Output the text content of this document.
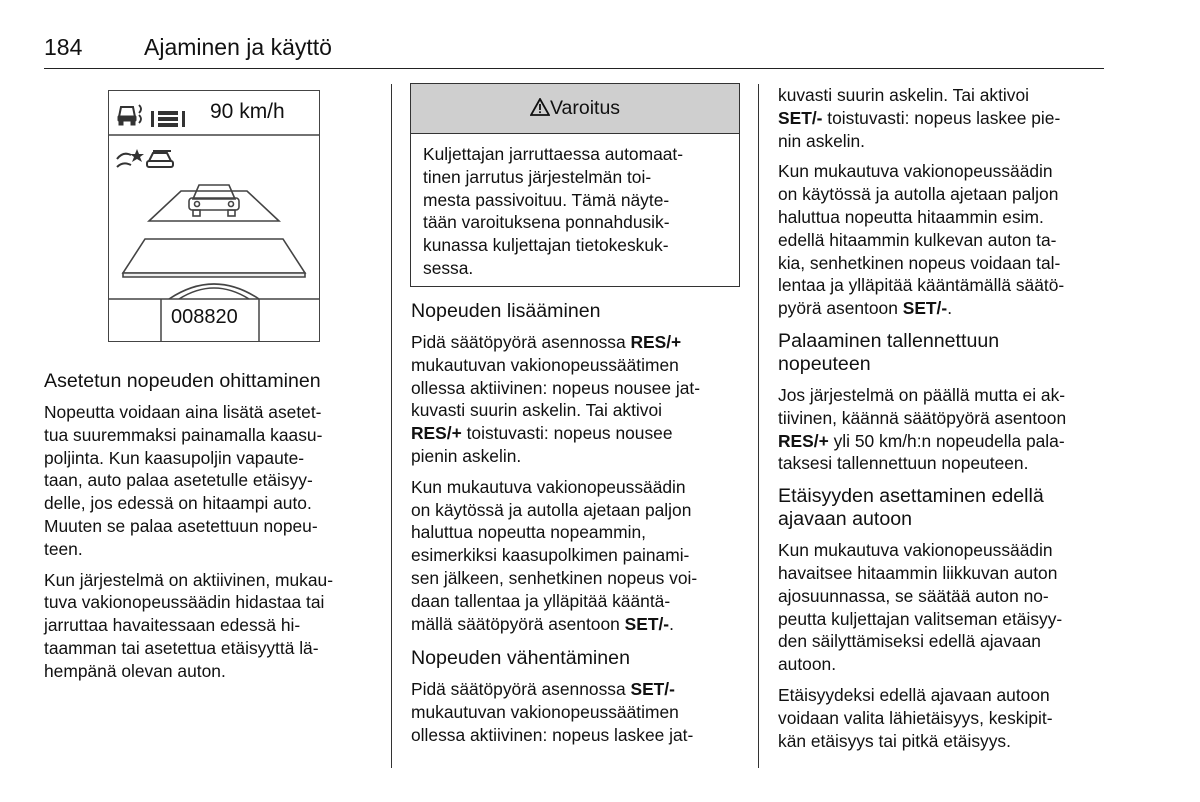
184	Ajaminen ja käyttö
90 km/h
008820
Asetetun nopeuden ohittaminen

Nopeutta voidaan aina lisätä asetet-
tua suuremmaksi painamalla kaasu-
poljinta. Kun kaasupoljin vapaute-
taan, auto palaa asetetulle etäisyy-
delle, jos edessä on hitaampi auto.
Muuten se palaa asetettuun nopeu-
teen.

Kun järjestelmä on aktiivinen, mukau-
tuva vakionopeussäädin hidastaa tai
jarruttaa havaitessaan edessä hi-
taamman tai asetettua etäisyyttä lä-
hempänä olevan auton.

Varoitus
Kuljettajan jarruttaessa automaat-
tinen jarrutus järjestelmän toi-
mesta passivoituu. Tämä näyte-
tään varoituksena ponnahdusik-
kunassa kuljettajan tietokeskuk-
sessa.
Nopeuden lisääminen

Pidä säätöpyörä asennossa RES/+
mukautuvan vakionopeussäätimen
ollessa aktiivinen: nopeus nousee jat-
kuvasti suurin askelin. Tai aktivoi
RES/+ toistuvasti: nopeus nousee
pienin askelin.

Kun mukautuva vakionopeussäädin
on käytössä ja autolla ajetaan paljon
haluttua nopeutta nopeammin,
esimerkiksi kaasupolkimen painami-
sen jälkeen, senhetkinen nopeus voi-
daan tallentaa ja ylläpitää kääntä-
mällä säätöpyörä asentoon SET/-.

Nopeuden vähentäminen

Pidä säätöpyörä asennossa SET/-
mukautuvan vakionopeussäätimen
ollessa aktiivinen: nopeus laskee jat-

kuvasti suurin askelin. Tai aktivoi
SET/- toistuvasti: nopeus laskee pie-
nin askelin.

Kun mukautuva vakionopeussäädin
on käytössä ja autolla ajetaan paljon
haluttua nopeutta hitaammin esim.
edellä hitaammin kulkevan auton ta-
kia, senhetkinen nopeus voidaan tal-
lentaa ja ylläpitää kääntämällä säätö-
pyörä asentoon SET/-.

Palaaminen tallennettuun
nopeuteen

Jos järjestelmä on päällä mutta ei ak-
tiivinen, käännä säätöpyörä asentoon
RES/+ yli 50 km/h:n nopeudella pala-
taksesi tallennettuun nopeuteen.

Etäisyyden asettaminen edellä
ajavaan autoon

Kun mukautuva vakionopeussäädin
havaitsee hitaammin liikkuvan auton
ajosuunnassa, se säätää auton no-
peutta kuljettajan valitseman etäisyy-
den säilyttämiseksi edellä ajavaan
autoon.

Etäisyydeksi edellä ajavaan autoon
voidaan valita lähietäisyys, keskipit-
kän etäisyys tai pitkä etäisyys.
